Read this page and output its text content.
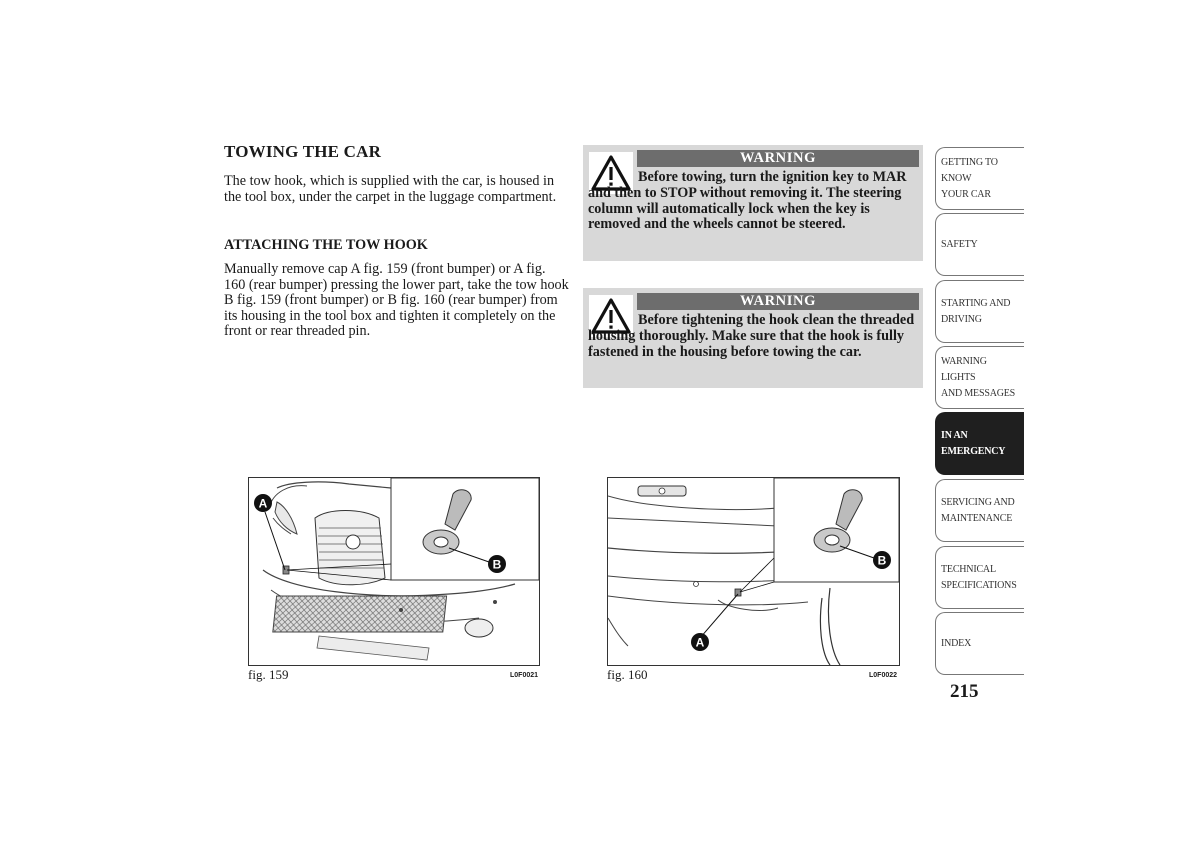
TOWING THE CAR
The tow hook, which is supplied with the car, is housed in the tool box, under the carpet in the luggage compartment.
ATTACHING THE TOW HOOK
Manually remove cap A fig. 159 (front bumper) or A fig. 160 (rear bumper) pressing the lower part, take the tow hook B fig. 159 (front bumper) or B fig. 160 (rear bumper) from its housing in the tool box and tighten it completely on the front or rear threaded pin.
WARNING
Before towing, turn the ignition key to MAR and then to STOP without removing it. The steering column will automatically lock when the key is removed and the wheels cannot be steered.
WARNING
Before tightening the hook clean the threaded housing thoroughly. Make sure that the hook is fully fastened in the housing before towing the car.
A
B
fig. 159	L0F0021
A
B
fig. 160	L0F0022
GETTING TO KNOW
YOUR CAR
SAFETY
STARTING AND
DRIVING
WARNING LIGHTS
AND MESSAGES
IN AN EMERGENCY
SERVICING AND
MAINTENANCE
TECHNICAL
SPECIFICATIONS
INDEX
215
